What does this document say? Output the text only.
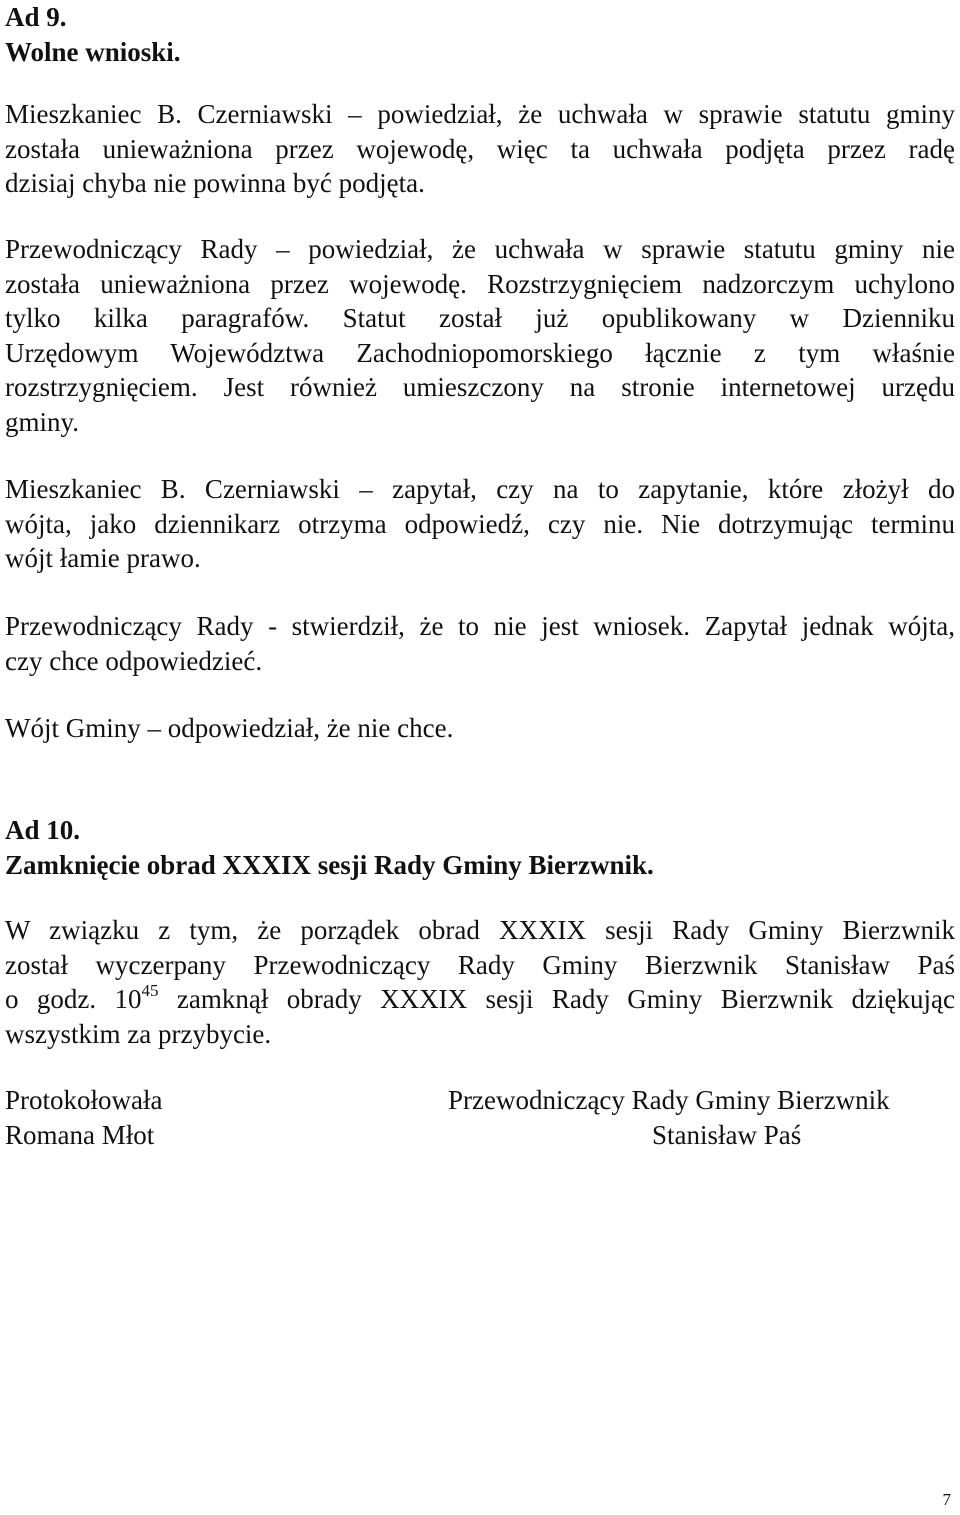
Ad 9.
Wolne wnioski.
Mieszkaniec B. Czerniawski – powiedział, że uchwała w sprawie statutu gminy
została unieważniona przez wojewodę, więc ta uchwała podjęta przez radę
dzisiaj chyba nie powinna być podjęta.
Przewodniczący Rady – powiedział, że uchwała w sprawie statutu gminy nie
została unieważniona przez wojewodę. Rozstrzygnięciem nadzorczym uchylono
tylko kilka paragrafów. Statut został już opublikowany w Dzienniku
Urzędowym Województwa Zachodniopomorskiego łącznie z tym właśnie
rozstrzygnięciem. Jest również umieszczony na stronie internetowej urzędu
gminy.
Mieszkaniec B. Czerniawski – zapytał, czy na to zapytanie, które złożył do
wójta, jako dziennikarz otrzyma odpowiedź, czy nie. Nie dotrzymując terminu
wójt łamie prawo.
Przewodniczący Rady - stwierdził, że to nie jest wniosek. Zapytał jednak wójta,
czy chce odpowiedzieć.
Wójt Gminy – odpowiedział, że nie chce.
Ad 10.
Zamknięcie obrad XXXIX sesji Rady Gminy Bierzwnik.
W związku z tym, że porządek obrad XXXIX sesji Rady Gminy Bierzwnik
został wyczerpany Przewodniczący Rady Gminy Bierzwnik Stanisław Paś
o godz. $10^{45}$ zamknął obrady XXXIX sesji Rady Gminy Bierzwnik dziękując
wszystkim za przybycie.
Protokołowała
Romana Młot
Przewodniczący Rady Gminy Bierzwnik
Stanisław Paś
7
